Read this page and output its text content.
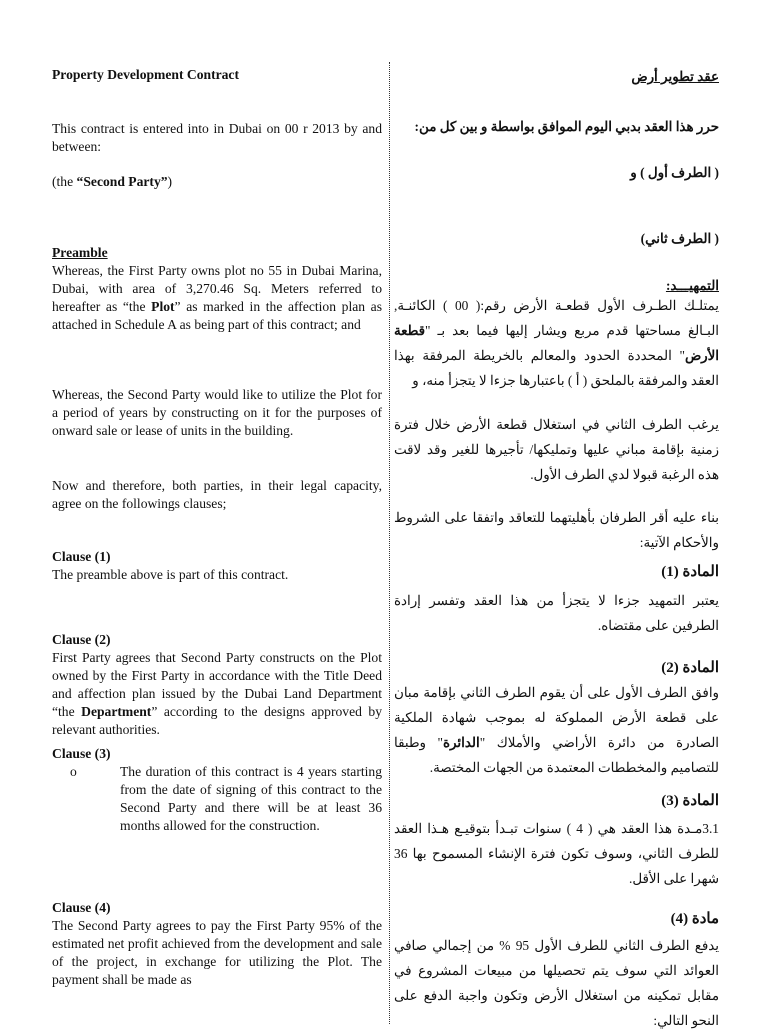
Property Development Contract
This contract is entered into in Dubai on 00 r 2013 by and between:
(the “Second Party”)
Preamble
Whereas, the First Party owns plot no 55 in Dubai Marina, Dubai, with area of 3,270.46 Sq. Meters referred to hereafter as “the Plot” as marked in the affection plan as attached in Schedule A as being part of this contract; and
Whereas, the Second Party would like to utilize the Plot for a period of years by constructing on it for the purposes of onward sale or lease of units in the building.
Now and therefore, both parties, in their legal capacity, agree on the followings clauses;
Clause (1)
The preamble above is part of this contract.
Clause (2)
First Party agrees that Second Party constructs on the Plot owned by the First Party in accordance with the Title Deed and affection plan issued by the Dubai Land Department “the Department” according to the designs approved by relevant authorities.
Clause (3)
o	The duration of this contract is 4 years starting from the date of signing of this contract to the Second Party and there will be at least 36 months allowed for the construction.
Clause (4)
The Second Party agrees to pay the First Party 95% of the estimated net profit achieved from the development and sale of the project, in exchange for utilizing the Plot. The payment shall be made as
عقد تطوير أرض
حرر هذا العقد بدبي اليوم الموافق بواسطة و بين كل من:
( الطرف أول ) و
( الطرف ثاني)
التمهيـــد:
يمتلـك الطـرف الأول قطعـة الأرض رقم:( 00 ) الكائنـة, البـالغ مساحتها قدم مربع ويشار إليها فيما بعد بـ "قطعة الأرض" المحددة الحدود والمعالم بالخريطة المرفقة بهذا العقد والمرفقة بالملحق ( أ ) باعتبارها جزءا لا يتجزأ منه، و
يرغب الطرف الثاني في استغلال قطعة الأرض خلال فترة زمنية بإقامة مباني عليها وتمليكها/ تأجيرها للغير وقد لاقت هذه الرغبة قبولا لدي الطرف الأول.
بناء عليه أقر الطرفان بأهليتهما للتعاقد واتفقا على الشروط والأحكام الآتية:
المادة (1)
يعتبر التمهيد جزءا لا يتجزأ من هذا العقد وتفسر إرادة الطرفين على مقتضاه.
المادة (2)
وافق الطرف الأول على أن يقوم الطرف الثاني بإقامة مبان على قطعة الأرض المملوكة له بموجب شهادة الملكية الصادرة من دائرة الأراضي والأملاك "الدائرة" وطبقا للتصاميم والمخططات المعتمدة من الجهات المختصة.
المادة (3)
3.1مـدة هذا العقد هي ( 4 ) سنوات تبـدأ بتوقيـع هـذا العقد للطرف الثاني، وسوف تكون فترة الإنشاء المسموح بها 36 شهرا على الأقل.
مادة (4)
يدفع الطرف الثاني للطرف الأول 95 % من إجمالي صافي العوائد التي سوف يتم تحصيلها من مبيعات المشروع في مقابل تمكينه من استغلال الأرض وتكون واجبة الدفع على النحو التالي:
